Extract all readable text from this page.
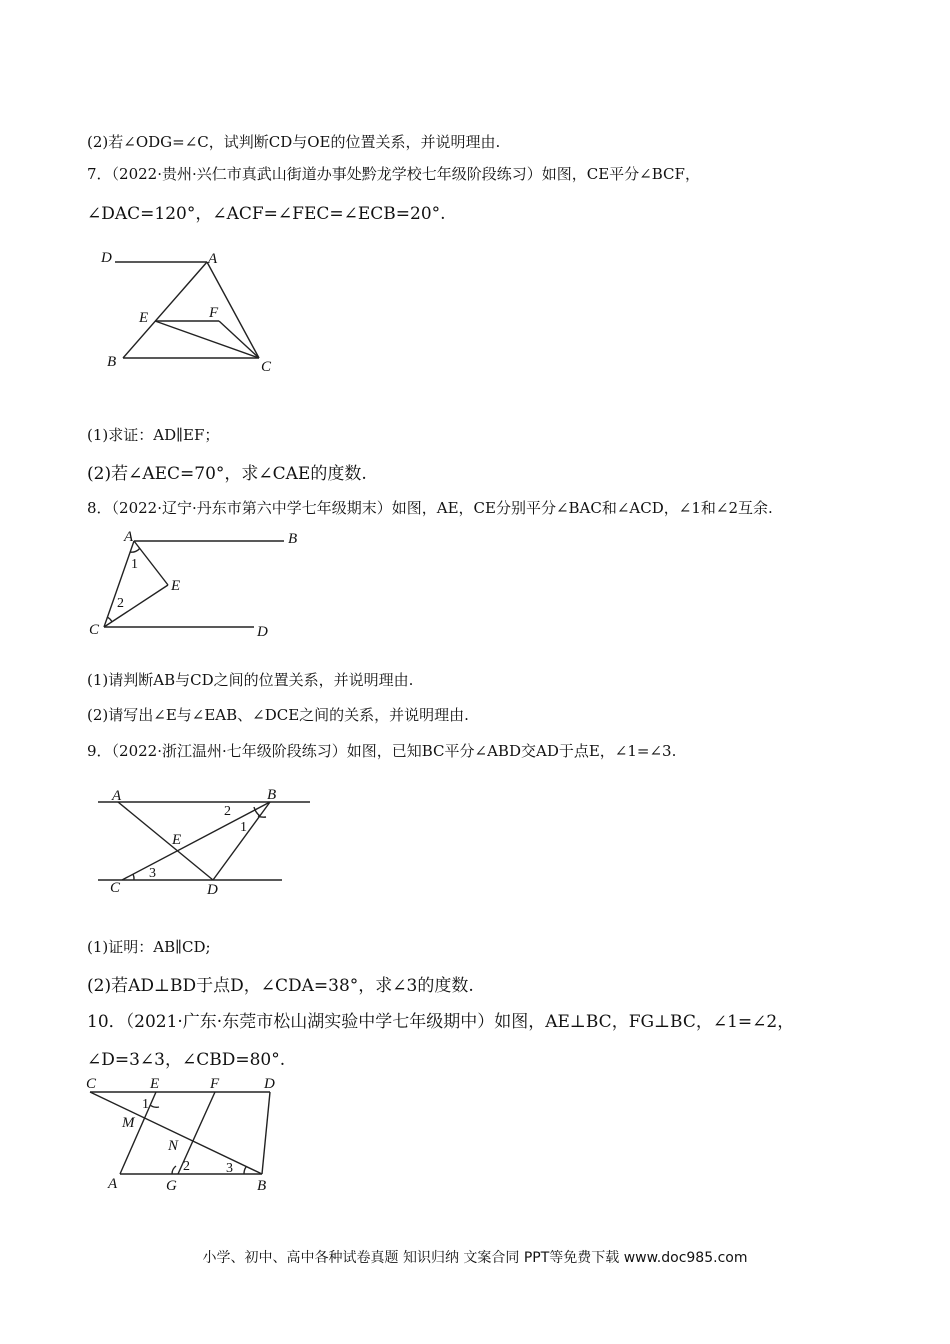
(2)若∠ODG=∠C，试判断CD与OE的位置关系，并说明理由.
7．（2022·贵州·兴仁市真武山街道办事处黔龙学校七年级阶段练习）如图，CE平分∠BCF，
∠DAC=120°，∠ACF=∠FEC=∠ECB=20°.
D	A
E	F
B	C
(1)求证：AD∥EF；
(2)若∠AEC=70°，求∠CAE的度数.
8．（2022·辽宁·丹东市第六中学七年级期末）如图，AE，CE分别平分∠BAC和∠ACD，∠1和∠2互余.
A	B
E
C	D
1
2
(1)请判断AB与CD之间的位置关系，并说明理由.
(2)请写出∠E与∠EAB、∠DCE之间的关系，并说明理由.
9．（2022·浙江温州·七年级阶段练习）如图，已知BC平分∠ABD交AD于点E，∠1=∠3.
A	B
E
C	D
1
2
3
(1)证明：AB∥CD;
(2)若AD⊥BD于点D，∠CDA=38°，求∠3的度数.
10．（2021·广东·东莞市松山湖实验中学七年级期中）如图，AE⊥BC，FG⊥BC，∠1=∠2，
∠D=3∠3，∠CBD=80°.
C	E	F	D
M
N
A	G	B
1
2	3
小学、初中、高中各种试卷真题 知识归纳 文案合同 PPT等免费下载 www.doc985.com
